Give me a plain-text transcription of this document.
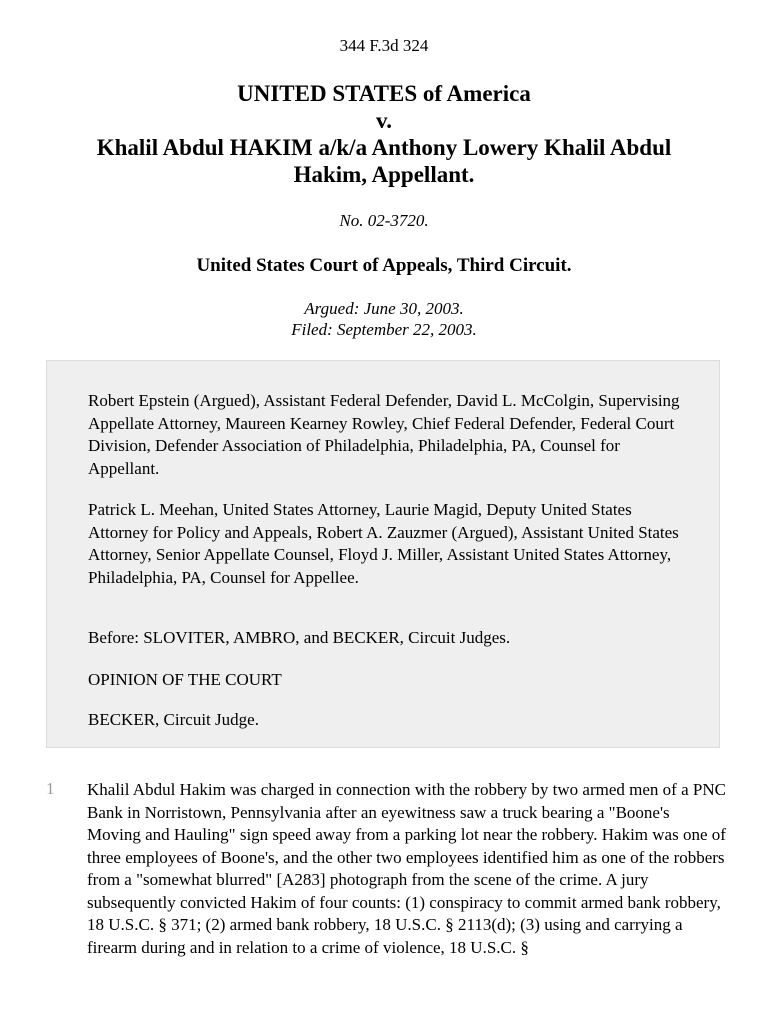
344 F.3d 324
UNITED STATES of America
v.
Khalil Abdul HAKIM a/k/a Anthony Lowery Khalil Abdul
Hakim, Appellant.
No. 02-3720.
United States Court of Appeals, Third Circuit.
Argued: June 30, 2003.
Filed: September 22, 2003.

Robert Epstein (Argued), Assistant Federal Defender, David L. McColgin, Supervising Appellate Attorney, Maureen Kearney Rowley, Chief Federal Defender, Federal Court Division, Defender Association of Philadelphia, Philadelphia, PA, Counsel for Appellant.

Patrick L. Meehan, United States Attorney, Laurie Magid, Deputy United States Attorney for Policy and Appeals, Robert A. Zauzmer (Argued), Assistant United States Attorney, Senior Appellate Counsel, Floyd J. Miller, Assistant United States Attorney, Philadelphia, PA, Counsel for Appellee.

Before: SLOVITER, AMBRO, and BECKER, Circuit Judges.

OPINION OF THE COURT

BECKER, Circuit Judge.

1 Khalil Abdul Hakim was charged in connection with the robbery by two armed men of a PNC Bank in Norristown, Pennsylvania after an eyewitness saw a truck bearing a "Boone's Moving and Hauling" sign speed away from a parking lot near the robbery. Hakim was one of three employees of Boone's, and the other two employees identified him as one of the robbers from a "somewhat blurred" [A283] photograph from the scene of the crime. A jury subsequently convicted Hakim of four counts: (1) conspiracy to commit armed bank robbery, 18 U.S.C. § 371; (2) armed bank robbery, 18 U.S.C. § 2113(d); (3) using and carrying a firearm during and in relation to a crime of violence, 18 U.S.C. §
